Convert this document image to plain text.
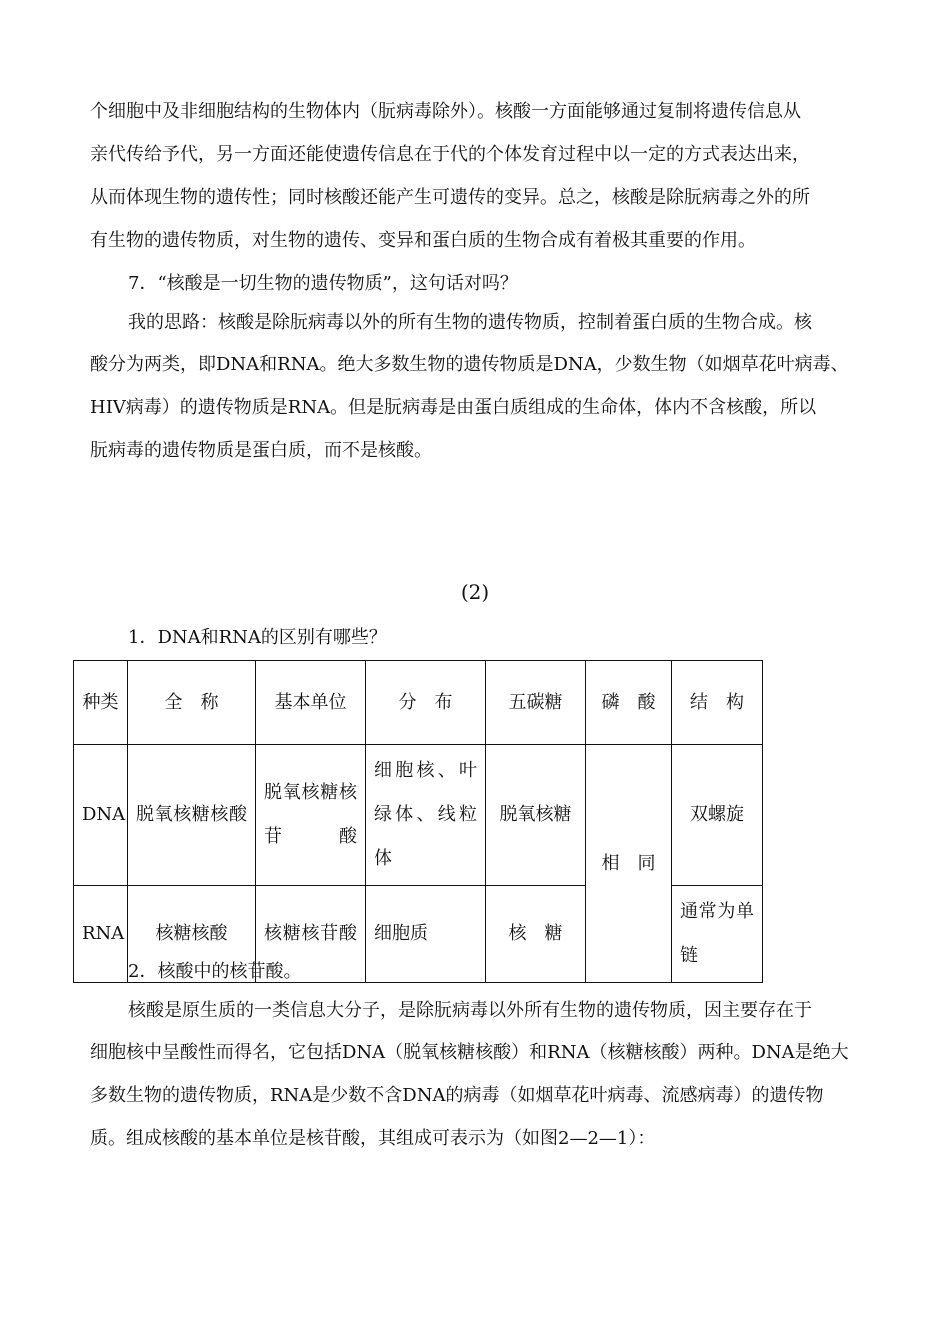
个细胞中及非细胞结构的生物体内（朊病毒除外）。核酸一方面能够通过复制将遗传信息从
亲代传给予代，另一方面还能使遗传信息在于代的个体发育过程中以一定的方式表达出来，
从而体现生物的遗传性；同时核酸还能产生可遗传的变异。总之，核酸是除朊病毒之外的所
有生物的遗传物质，对生物的遗传、变异和蛋白质的生物合成有着极其重要的作用。
7．“核酸是一切生物的遗传物质”，这句话对吗？
我的思路：核酸是除朊病毒以外的所有生物的遗传物质，控制着蛋白质的生物合成。核
酸分为两类，即DNA和RNA。绝大多数生物的遗传物质是DNA，少数生物（如烟草花叶病毒、
HIV病毒）的遗传物质是RNA。但是朊病毒是由蛋白质组成的生命体，体内不含核酸，所以
朊病毒的遗传物质是蛋白质，而不是核酸。
(2)
1．DNA和RNA的区别有哪些？
种类	全　称	基本单位	分　布	五碳糖	磷　酸	结　构
DNA	脱氧核糖核酸	脱氧核糖核苷酸	细胞核、叶绿体、线粒体	脱氧核糖	相　同	双螺旋
RNA	核糖核酸	核糖核苷酸	细胞质	核　糖		通常为单链
2．核酸中的核苷酸。
核酸是原生质的一类信息大分子，是除朊病毒以外所有生物的遗传物质，因主要存在于
细胞核中呈酸性而得名，它包括DNA（脱氧核糖核酸）和RNA（核糖核酸）两种。DNA是绝大
多数生物的遗传物质，RNA是少数不含DNA的病毒（如烟草花叶病毒、流感病毒）的遗传物
质。组成核酸的基本单位是核苷酸，其组成可表示为（如图2—2—1）：
